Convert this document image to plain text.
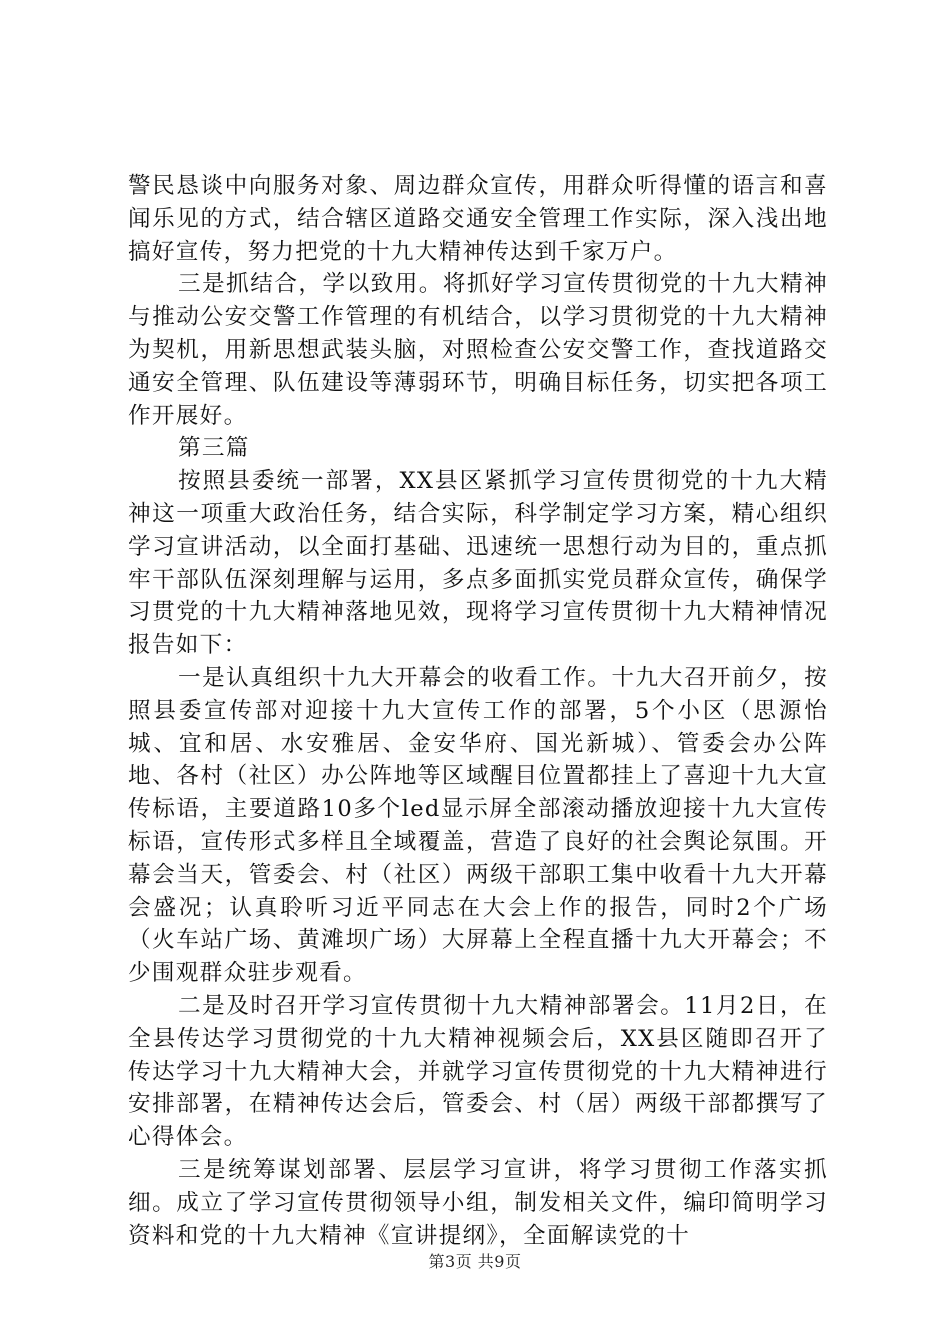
警民恳谈中向服务对象、周边群众宣传，用群众听得懂的语言和喜闻乐见的方式，结合辖区道路交通安全管理工作实际，深入浅出地搞好宣传，努力把党的十九大精神传达到千家万户。

三是抓结合，学以致用。将抓好学习宣传贯彻党的十九大精神与推动公安交警工作管理的有机结合，以学习贯彻党的十九大精神为契机，用新思想武装头脑，对照检查公安交警工作，查找道路交通安全管理、队伍建设等薄弱环节，明确目标任务，切实把各项工作开展好。

第三篇

按照县委统一部署，XX县区紧抓学习宣传贯彻党的十九大精神这一项重大政治任务，结合实际，科学制定学习方案，精心组织学习宣讲活动，以全面打基础、迅速统一思想行动为目的，重点抓牢干部队伍深刻理解与运用，多点多面抓实党员群众宣传，确保学习贯党的十九大精神落地见效，现将学习宣传贯彻十九大精神情况报告如下：

一是认真组织十九大开幕会的收看工作。十九大召开前夕，按照县委宣传部对迎接十九大宣传工作的部署，5个小区（思源怡城、宜和居、水安雅居、金安华府、国光新城）、管委会办公阵地、各村（社区）办公阵地等区域醒目位置都挂上了喜迎十九大宣传标语，主要道路10多个led显示屏全部滚动播放迎接十九大宣传标语，宣传形式多样且全域覆盖，营造了良好的社会舆论氛围。开幕会当天，管委会、村（社区）两级干部职工集中收看十九大开幕会盛况；认真聆听习近平同志在大会上作的报告，同时2个广场（火车站广场、黄滩坝广场）大屏幕上全程直播十九大开幕会；不少围观群众驻步观看。

二是及时召开学习宣传贯彻十九大精神部署会。11月2日，在全县传达学习贯彻党的十九大精神视频会后，XX县区随即召开了传达学习十九大精神大会，并就学习宣传贯彻党的十九大精神进行安排部署，在精神传达会后，管委会、村（居）两级干部都撰写了心得体会。

三是统筹谋划部署、层层学习宣讲，将学习贯彻工作落实抓细。成立了学习宣传贯彻领导小组，制发相关文件，编印简明学习资料和党的十九大精神《宣讲提纲》，全面解读党的十

第3页 共9页
